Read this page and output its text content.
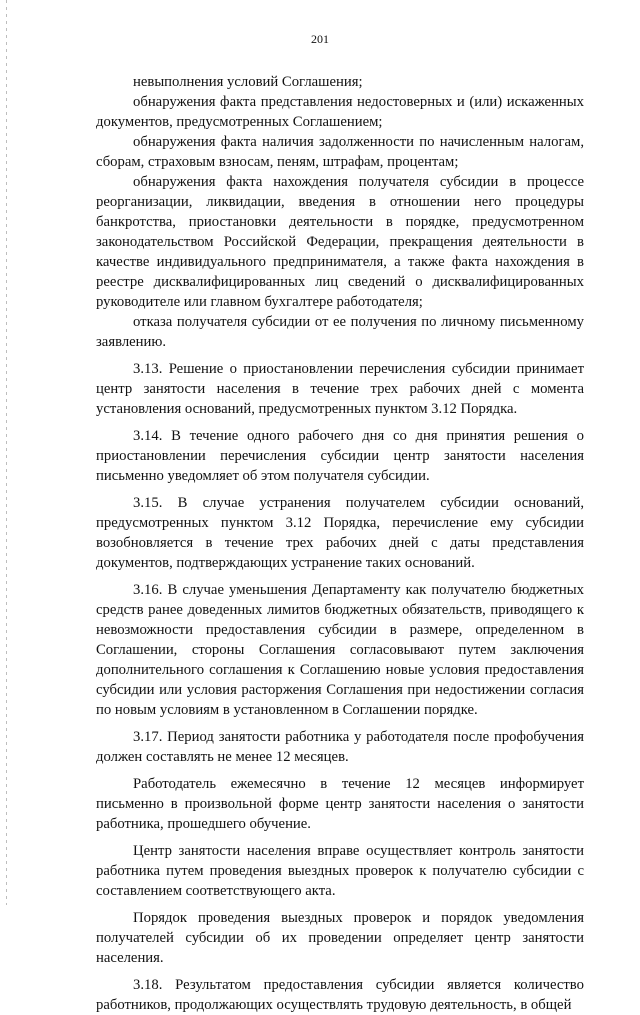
201

невыполнения условий Соглашения;

обнаружения факта представления недостоверных и (или) искаженных документов, предусмотренных Соглашением;

обнаружения факта наличия задолженности по начисленным налогам, сборам, страховым взносам, пеням, штрафам, процентам;

обнаружения факта нахождения получателя субсидии в процессе реорганизации, ликвидации, введения в отношении него процедуры банкротства, приостановки деятельности в порядке, предусмотренном законодательством Российской Федерации, прекращения деятельности в качестве индивидуального предпринимателя, а также факта нахождения в реестре дисквалифицированных лиц сведений о дисквалифицированных руководителе или главном бухгалтере работодателя;

отказа получателя субсидии от ее получения по личному письменному заявлению.

3.13. Решение о приостановлении перечисления субсидии принимает центр занятости населения в течение трех рабочих дней с момента установления оснований, предусмотренных пунктом 3.12 Порядка.

3.14. В течение одного рабочего дня со дня принятия решения о приостановлении перечисления субсидии центр занятости населения письменно уведомляет об этом получателя субсидии.

3.15. В случае устранения получателем субсидии оснований, предусмотренных пунктом 3.12 Порядка, перечисление ему субсидии возобновляется в течение трех рабочих дней с даты представления документов, подтверждающих устранение таких оснований.

3.16. В случае уменьшения Департаменту как получателю бюджетных средств ранее доведенных лимитов бюджетных обязательств, приводящего к невозможности предоставления субсидии в размере, определенном в Соглашении, стороны Соглашения согласовывают путем заключения дополнительного соглашения к Соглашению новые условия предоставления субсидии или условия расторжения Соглашения при недостижении согласия по новым условиям в установленном в Соглашении порядке.

3.17. Период занятости работника у работодателя после профобучения должен составлять не менее 12 месяцев.

Работодатель ежемесячно в течение 12 месяцев информирует письменно в произвольной форме центр занятости населения о занятости работника, прошедшего обучение.

Центр занятости населения вправе осуществляет контроль занятости работника путем проведения выездных проверок к получателю субсидии с составлением соответствующего акта.

Порядок проведения выездных проверок и порядок уведомления получателей субсидии об их проведении определяет центр занятости населения.

3.18. Результатом предоставления субсидии является количество работников, продолжающих осуществлять трудовую деятельность, в общей
